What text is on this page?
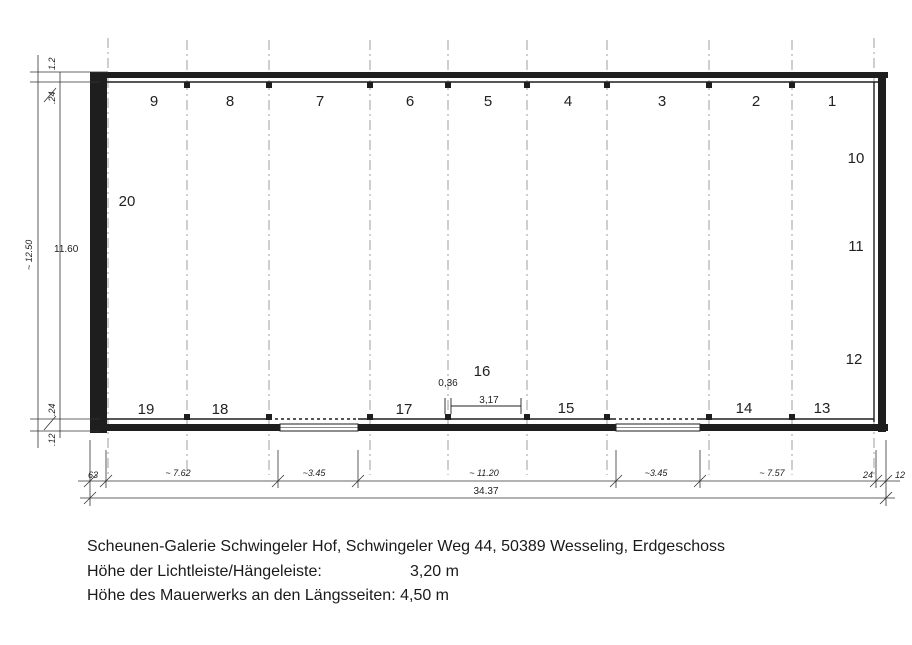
9	8	7	6	5	4	3	2	1
10
11
12
20
19	18	17
16
15	14	13
0,36
3,17
11.60
~ 12.50
1.2
.24
.24
.12
63	~ 7.62	~3.45	~ 11.20	~3.45	~ 7.57	24 12
34.37
Scheunen-Galerie Schwingeler Hof, Schwingeler Weg 44, 50389 Wesseling, Erdgeschoss
Höhe der Lichtleiste/Hängeleiste:	3,20 m
Höhe des Mauerwerks an den Längsseiten: 4,50 m
